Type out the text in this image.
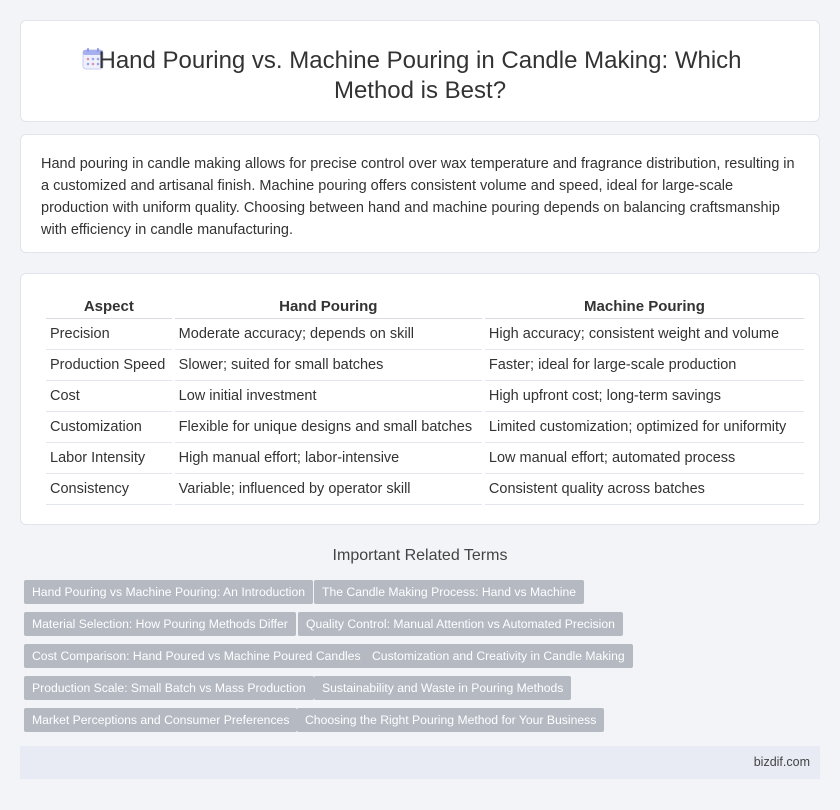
Hand Pouring vs. Machine Pouring in Candle Making: Which Method is Best?

Hand pouring in candle making allows for precise control over wax temperature and fragrance distribution, resulting in a customized and artisanal finish. Machine pouring offers consistent volume and speed, ideal for large-scale production with uniform quality. Choosing between hand and machine pouring depends on balancing craftsmanship with efficiency in candle manufacturing.

Aspect	Hand Pouring	Machine Pouring
Precision	Moderate accuracy; depends on skill	High accuracy; consistent weight and volume
Production Speed	Slower; suited for small batches	Faster; ideal for large-scale production
Cost	Low initial investment	High upfront cost; long-term savings
Customization	Flexible for unique designs and small batches	Limited customization; optimized for uniformity
Labor Intensity	High manual effort; labor-intensive	Low manual effort; automated process
Consistency	Variable; influenced by operator skill	Consistent quality across batches
Important Related Terms
Hand Pouring vs Machine Pouring: An Introduction	The Candle Making Process: Hand vs Machine
Material Selection: How Pouring Methods Differ	Quality Control: Manual Attention vs Automated Precision
Cost Comparison: Hand Poured vs Machine Poured Candles Customization and Creativity in Candle Making
Production Scale: Small Batch vs Mass Production	Sustainability and Waste in Pouring Methods
Market Perceptions and Consumer Preferences	Choosing the Right Pouring Method for Your Business
bizdif.com
